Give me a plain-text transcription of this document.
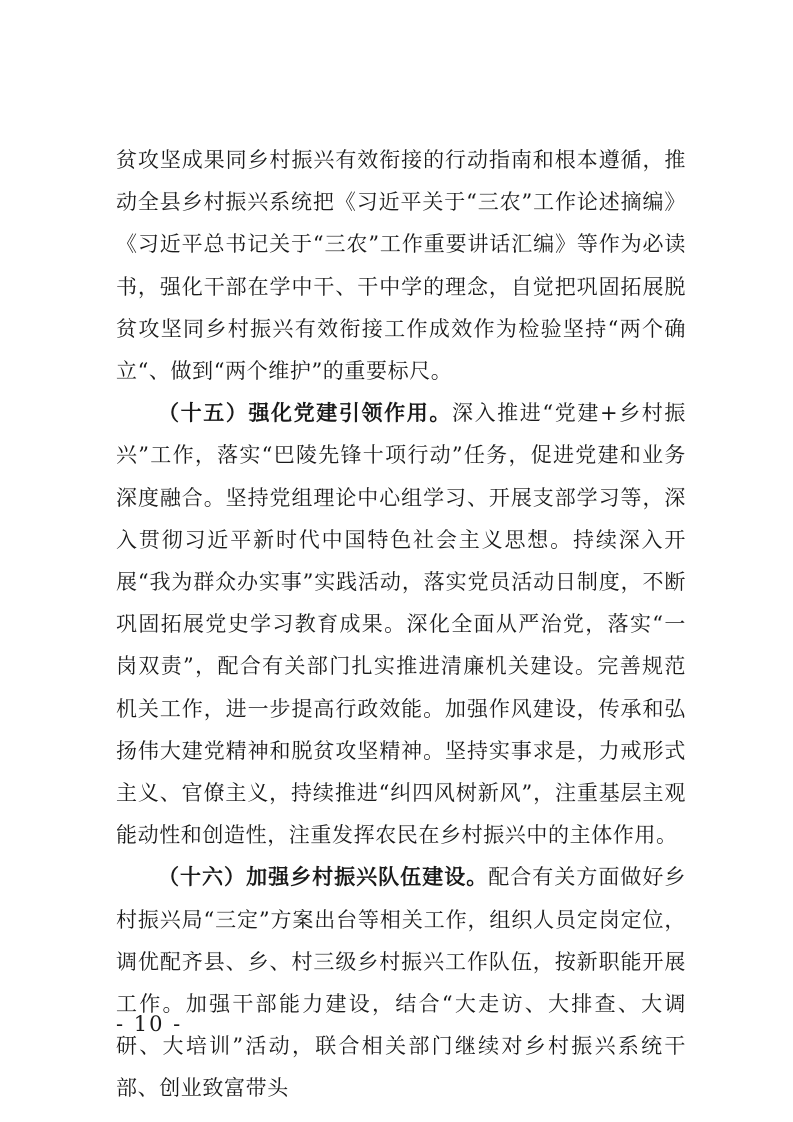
贫攻坚成果同乡村振兴有效衔接的行动指南和根本遵循，推动全县乡村振兴系统把《习近平关于“三农”工作论述摘编》《习近平总书记关于“三农”工作重要讲话汇编》等作为必读书，强化干部在学中干、干中学的理念，自觉把巩固拓展脱贫攻坚同乡村振兴有效衔接工作成效作为检验坚持“两个确立“、做到“两个维护”的重要标尺。

（十五）强化党建引领作用。深入推进“党建+乡村振兴”工作，落实“巴陵先锋十项行动”任务，促进党建和业务深度融合。坚持党组理论中心组学习、开展支部学习等，深入贯彻习近平新时代中国特色社会主义思想。持续深入开展“我为群众办实事”实践活动，落实党员活动日制度，不断巩固拓展党史学习教育成果。深化全面从严治党，落实“一岗双责”，配合有关部门扎实推进清廉机关建设。完善规范机关工作，进一步提高行政效能。加强作风建设，传承和弘扬伟大建党精神和脱贫攻坚精神。坚持实事求是，力戒形式主义、官僚主义，持续推进“纠四风树新风”，注重基层主观能动性和创造性，注重发挥农民在乡村振兴中的主体作用。

（十六）加强乡村振兴队伍建设。配合有关方面做好乡村振兴局“三定”方案出台等相关工作，组织人员定岗定位，调优配齐县、乡、村三级乡村振兴工作队伍，按新职能开展工作。加强干部能力建设，结合“大走访、大排查、大调研、大培训”活动，联合相关部门继续对乡村振兴系统干部、创业致富带头

- 10 -
